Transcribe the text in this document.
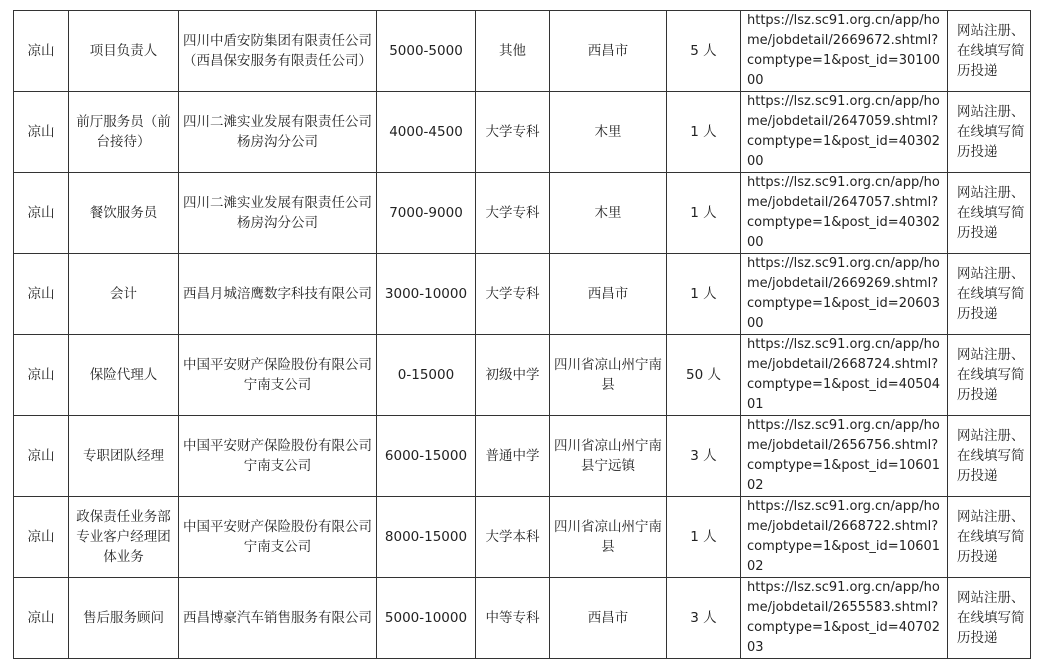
凉山	项目负责人	四川中盾安防集团有限责任公司（西昌保安服务有限责任公司）	5000-5000	其他	西昌市	5 人	https://lsz.sc91.org.cn/app/home/jobdetail/2669672.shtml?comptype=1&post_id=3010000	网站注册、在线填写简历投递
凉山	前厅服务员（前台接待）	四川二滩实业发展有限责任公司杨房沟分公司	4000-4500	大学专科	木里	1 人	https://lsz.sc91.org.cn/app/home/jobdetail/2647059.shtml?comptype=1&post_id=4030200	网站注册、在线填写简历投递
凉山	餐饮服务员	四川二滩实业发展有限责任公司杨房沟分公司	7000-9000	大学专科	木里	1 人	https://lsz.sc91.org.cn/app/home/jobdetail/2647057.shtml?comptype=1&post_id=4030200	网站注册、在线填写简历投递
凉山	会计	西昌月城涪鹰数字科技有限公司	3000-10000	大学专科	西昌市	1 人	https://lsz.sc91.org.cn/app/home/jobdetail/2669269.shtml?comptype=1&post_id=2060300	网站注册、在线填写简历投递
凉山	保险代理人	中国平安财产保险股份有限公司宁南支公司	0-15000	初级中学	四川省凉山州宁南县	50 人	https://lsz.sc91.org.cn/app/home/jobdetail/2668724.shtml?comptype=1&post_id=4050401	网站注册、在线填写简历投递
凉山	专职团队经理	中国平安财产保险股份有限公司宁南支公司	6000-15000	普通中学	四川省凉山州宁南县宁远镇	3 人	https://lsz.sc91.org.cn/app/home/jobdetail/2656756.shtml?comptype=1&post_id=1060102	网站注册、在线填写简历投递
凉山	政保责任业务部专业客户经理团体业务	中国平安财产保险股份有限公司宁南支公司	8000-15000	大学本科	四川省凉山州宁南县	1 人	https://lsz.sc91.org.cn/app/home/jobdetail/2668722.shtml?comptype=1&post_id=1060102	网站注册、在线填写简历投递
凉山	售后服务顾问	西昌博豪汽车销售服务有限公司	5000-10000	中等专科	西昌市	3 人	https://lsz.sc91.org.cn/app/home/jobdetail/2655583.shtml?comptype=1&post_id=4070203	网站注册、在线填写简历投递
